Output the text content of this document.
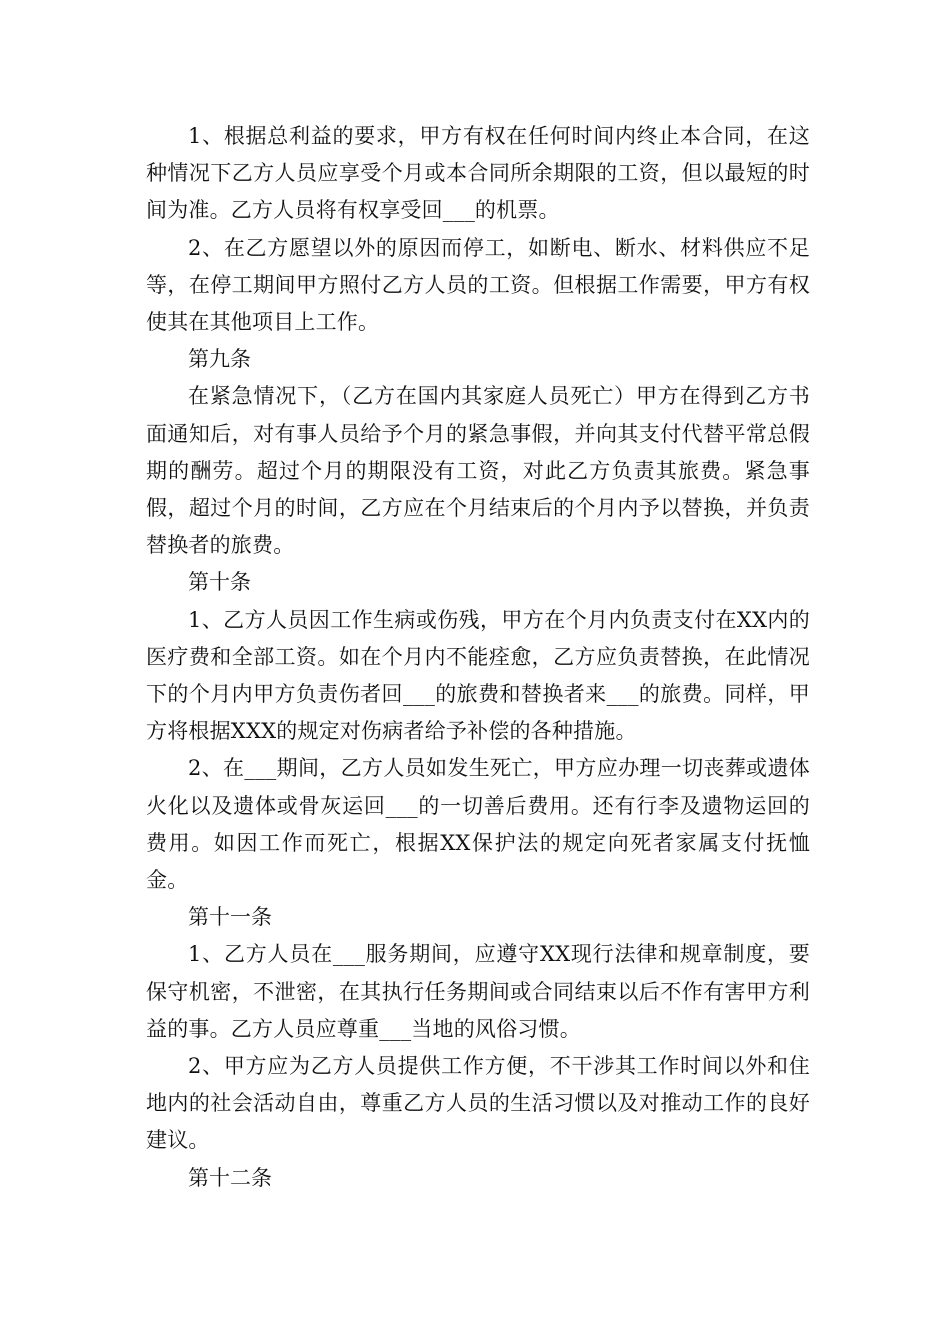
1、根据总利益的要求，甲方有权在任何时间内终止本合同，在这种情况下乙方人员应享受个月或本合同所余期限的工资，但以最短的时间为准。乙方人员将有权享受回___的机票。

2、在乙方愿望以外的原因而停工，如断电、断水、材料供应不足等，在停工期间甲方照付乙方人员的工资。但根据工作需要，甲方有权使其在其他项目上工作。

第九条

在紧急情况下，（乙方在国内其家庭人员死亡）甲方在得到乙方书面通知后，对有事人员给予个月的紧急事假，并向其支付代替平常总假期的酬劳。超过个月的期限没有工资，对此乙方负责其旅费。紧急事假，超过个月的时间，乙方应在个月结束后的个月内予以替换，并负责替换者的旅费。

第十条

1、乙方人员因工作生病或伤残，甲方在个月内负责支付在XX内的医疗费和全部工资。如在个月内不能痊愈，乙方应负责替换，在此情况下的个月内甲方负责伤者回___的旅费和替换者来___的旅费。同样，甲方将根据XXX的规定对伤病者给予补偿的各种措施。

2、在___期间，乙方人员如发生死亡，甲方应办理一切丧葬或遗体火化以及遗体或骨灰运回___的一切善后费用。还有行李及遗物运回的费用。如因工作而死亡，根据XX保护法的规定向死者家属支付抚恤金。

第十一条

1、乙方人员在___服务期间，应遵守XX现行法律和规章制度，要保守机密，不泄密，在其执行任务期间或合同结束以后不作有害甲方利益的事。乙方人员应尊重___当地的风俗习惯。

2、甲方应为乙方人员提供工作方便，不干涉其工作时间以外和住地内的社会活动自由，尊重乙方人员的生活习惯以及对推动工作的良好建议。

第十二条
